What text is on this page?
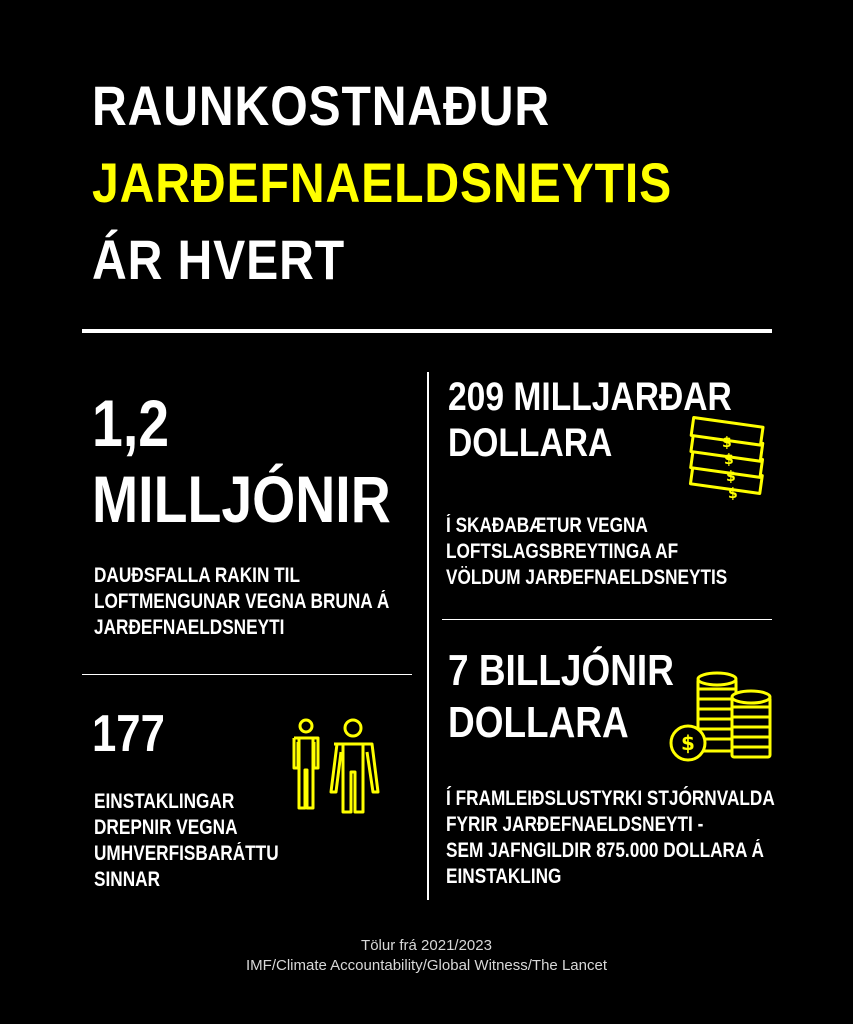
RAUNKOSTNAÐUR
JARÐEFNAELDSNEYTIS
ÁR HVERT
1,2
MILLJÓNIR
DAUÐSFALLA RAKIN TIL
LOFTMENGUNAR VEGNA BRUNA Á
JARÐEFNAELDSNEYTI
177
EINSTAKLINGAR
DREPNIR VEGNA
UMHVERFISBARÁTTU
SINNAR
209 MILLJARÐAR
DOLLARA
Í SKAÐABÆTUR VEGNA
LOFTSLAGSBREYTINGA AF
VÖLDUM JARÐEFNAELDSNEYTIS
$
$
$
$
7 BILLJÓNIR
DOLLARA
Í FRAMLEIÐSLUSTYRKI STJÓRNVALDA
FYRIR JARÐEFNAELDSNEYTI -
SEM JAFNGILDIR 875.000 DOLLARA Á
EINSTAKLING
$
Tölur frá 2021/2023
IMF/Climate Accountability/Global Witness/The Lancet
